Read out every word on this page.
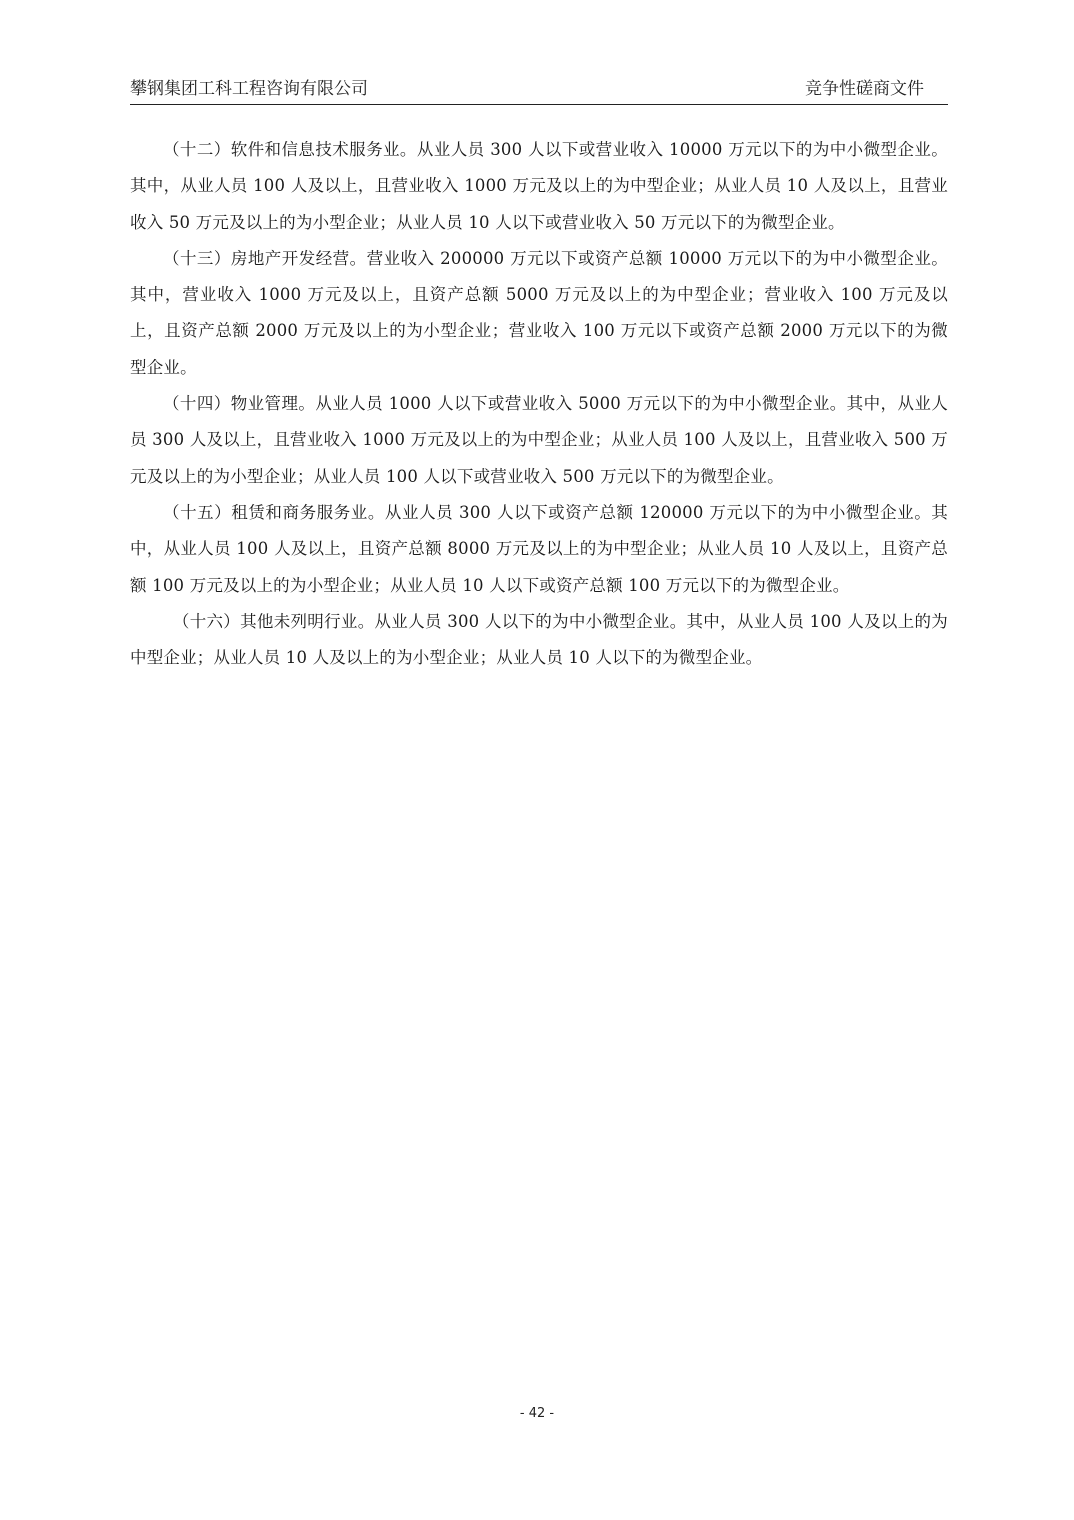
攀钢集团工科工程咨询有限公司	竞争性磋商文件

（十二）软件和信息技术服务业。从业人员 300 人以下或营业收入 10000 万元以下的为中小微型企业。其中，从业人员 100 人及以上，且营业收入 1000 万元及以上的为中型企业；从业人员 10 人及以上，且营业收入 50 万元及以上的为小型企业；从业人员 10 人以下或营业收入 50 万元以下的为微型企业。

（十三）房地产开发经营。营业收入 200000 万元以下或资产总额 10000 万元以下的为中小微型企业。其中，营业收入 1000 万元及以上，且资产总额 5000 万元及以上的为中型企业；营业收入 100 万元及以上，且资产总额 2000 万元及以上的为小型企业；营业收入 100 万元以下或资产总额 2000 万元以下的为微型企业。

（十四）物业管理。从业人员 1000 人以下或营业收入 5000 万元以下的为中小微型企业。其中，从业人员 300 人及以上，且营业收入 1000 万元及以上的为中型企业；从业人员 100 人及以上，且营业收入 500 万元及以上的为小型企业；从业人员 100 人以下或营业收入 500 万元以下的为微型企业。

（十五）租赁和商务服务业。从业人员 300 人以下或资产总额 120000 万元以下的为中小微型企业。其中，从业人员 100 人及以上，且资产总额 8000 万元及以上的为中型企业；从业人员 10 人及以上，且资产总额 100 万元及以上的为小型企业；从业人员 10 人以下或资产总额 100 万元以下的为微型企业。

（十六）其他未列明行业。从业人员 300 人以下的为中小微型企业。其中，从业人员 100 人及以上的为中型企业；从业人员 10 人及以上的为小型企业；从业人员 10 人以下的为微型企业。

- 42 -
